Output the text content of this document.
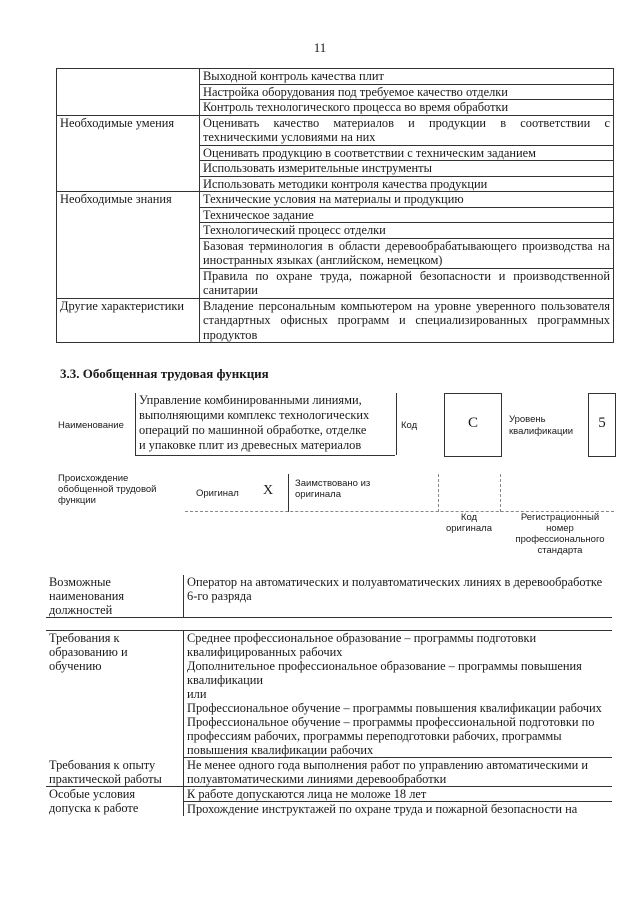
11
	Выходной контроль качества плит
	Настройка оборудования под требуемое качество отделки
	Контроль технологического процесса во время обработки
Необходимые умения	Оценивать качество материалов и продукции в соответствии с техническими условиями на них
	Оценивать продукцию в соответствии с техническим заданием
	Использовать измерительные инструменты
	Использовать методики контроля качества продукции
Необходимые знания	Технические условия на материалы и продукцию
	Техническое задание
	Технологический процесс отделки
	Базовая терминология в области деревообрабатывающего производства на иностранных языках (английском, немецком)
	Правила по охране труда, пожарной безопасности и производственной санитарии
Другие характеристики	Владение персональным компьютером на уровне уверенного пользователя стандартных офисных программ и специализированных программных продуктов
3.3. Обобщенная трудовая функция
Наименование
Управление комбинированными линиями,
выполняющими комплекс технологических
операций по машинной обработке, отделке
и упаковке плит из древесных материалов
Код	C	Уровень
квалификации
5
Происхождение
обобщенной трудовой
функции
Оригинал X Заимствовано из
оригинала
Код
оригинала
Регистрационный
номер
профессионального
стандарта
Возможные наименования должностей	Оператор на автоматических и полуавтоматических линиях в деревообработке 6-го разряда

Требования к образованию и обучению	Среднее профессиональное образование – программы подготовки квалифицированных рабочих
	Дополнительное профессиональное образование – программы повышения квалификации
	или
	Профессиональное обучение – программы повышения квалификации рабочих
	Профессиональное обучение – программы профессиональной подготовки по профессиям рабочих, программы переподготовки рабочих, программы повышения квалификации рабочих
Требования к опыту практической работы	Не менее одного года выполнения работ по управлению автоматическими и полуавтоматическими линиями деревообработки
Особые условия допуска к работе	К работе допускаются лица не моложе 18 лет
	Прохождение инструктажей по охране труда и пожарной безопасности на
